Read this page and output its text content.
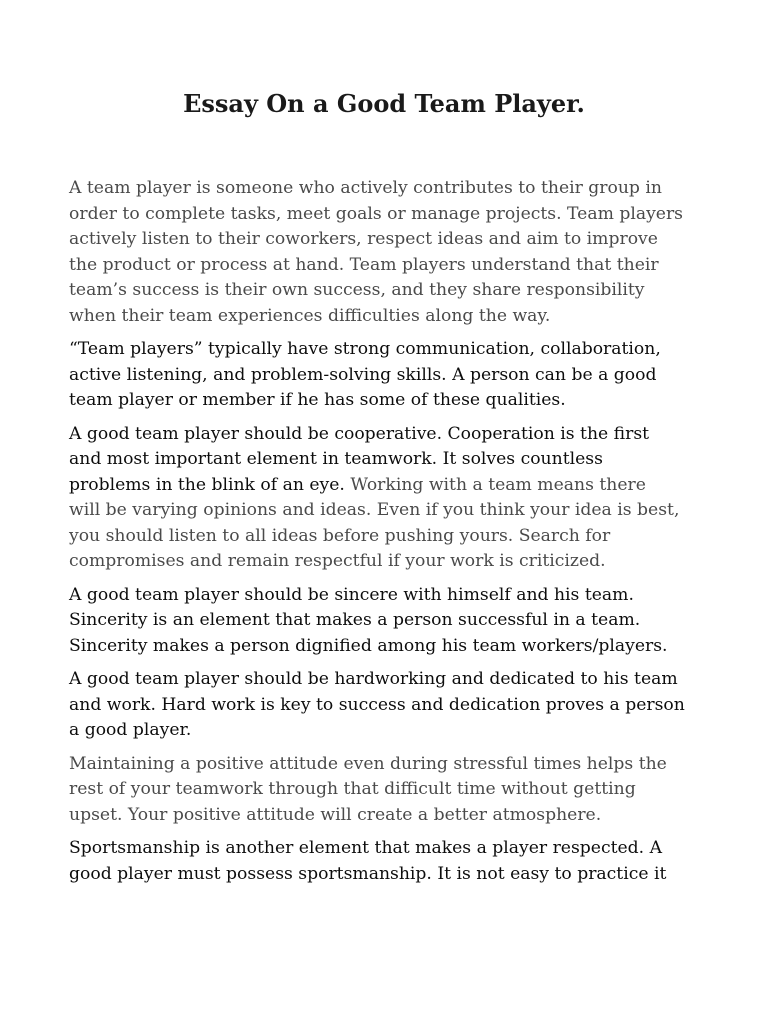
Essay On a Good Team Player.

A team player is someone who actively contributes to their group in
order to complete tasks, meet goals or manage projects. Team players
actively listen to their coworkers, respect ideas and aim to improve
the product or process at hand. Team players understand that their
team’s success is their own success, and they share responsibility
when their team experiences difficulties along the way.

“Team players” typically have strong communication, collaboration,
active listening, and problem-solving skills. A person can be a good
team player or member if he has some of these qualities.

A good team player should be cooperative. Cooperation is the first
and most important element in teamwork. It solves countless
problems in the blink of an eye. Working with a team means there
will be varying opinions and ideas. Even if you think your idea is best,
you should listen to all ideas before pushing yours. Search for
compromises and remain respectful if your work is criticized.

A good team player should be sincere with himself and his team.
Sincerity is an element that makes a person successful in a team.
Sincerity makes a person dignified among his team workers/players.

A good team player should be hardworking and dedicated to his team
and work. Hard work is key to success and dedication proves a person
a good player.

Maintaining a positive attitude even during stressful times helps the
rest of your teamwork through that difficult time without getting
upset. Your positive attitude will create a better atmosphere.

Sportsmanship is another element that makes a player respected. A
good player must possess sportsmanship. It is not easy to practice it
